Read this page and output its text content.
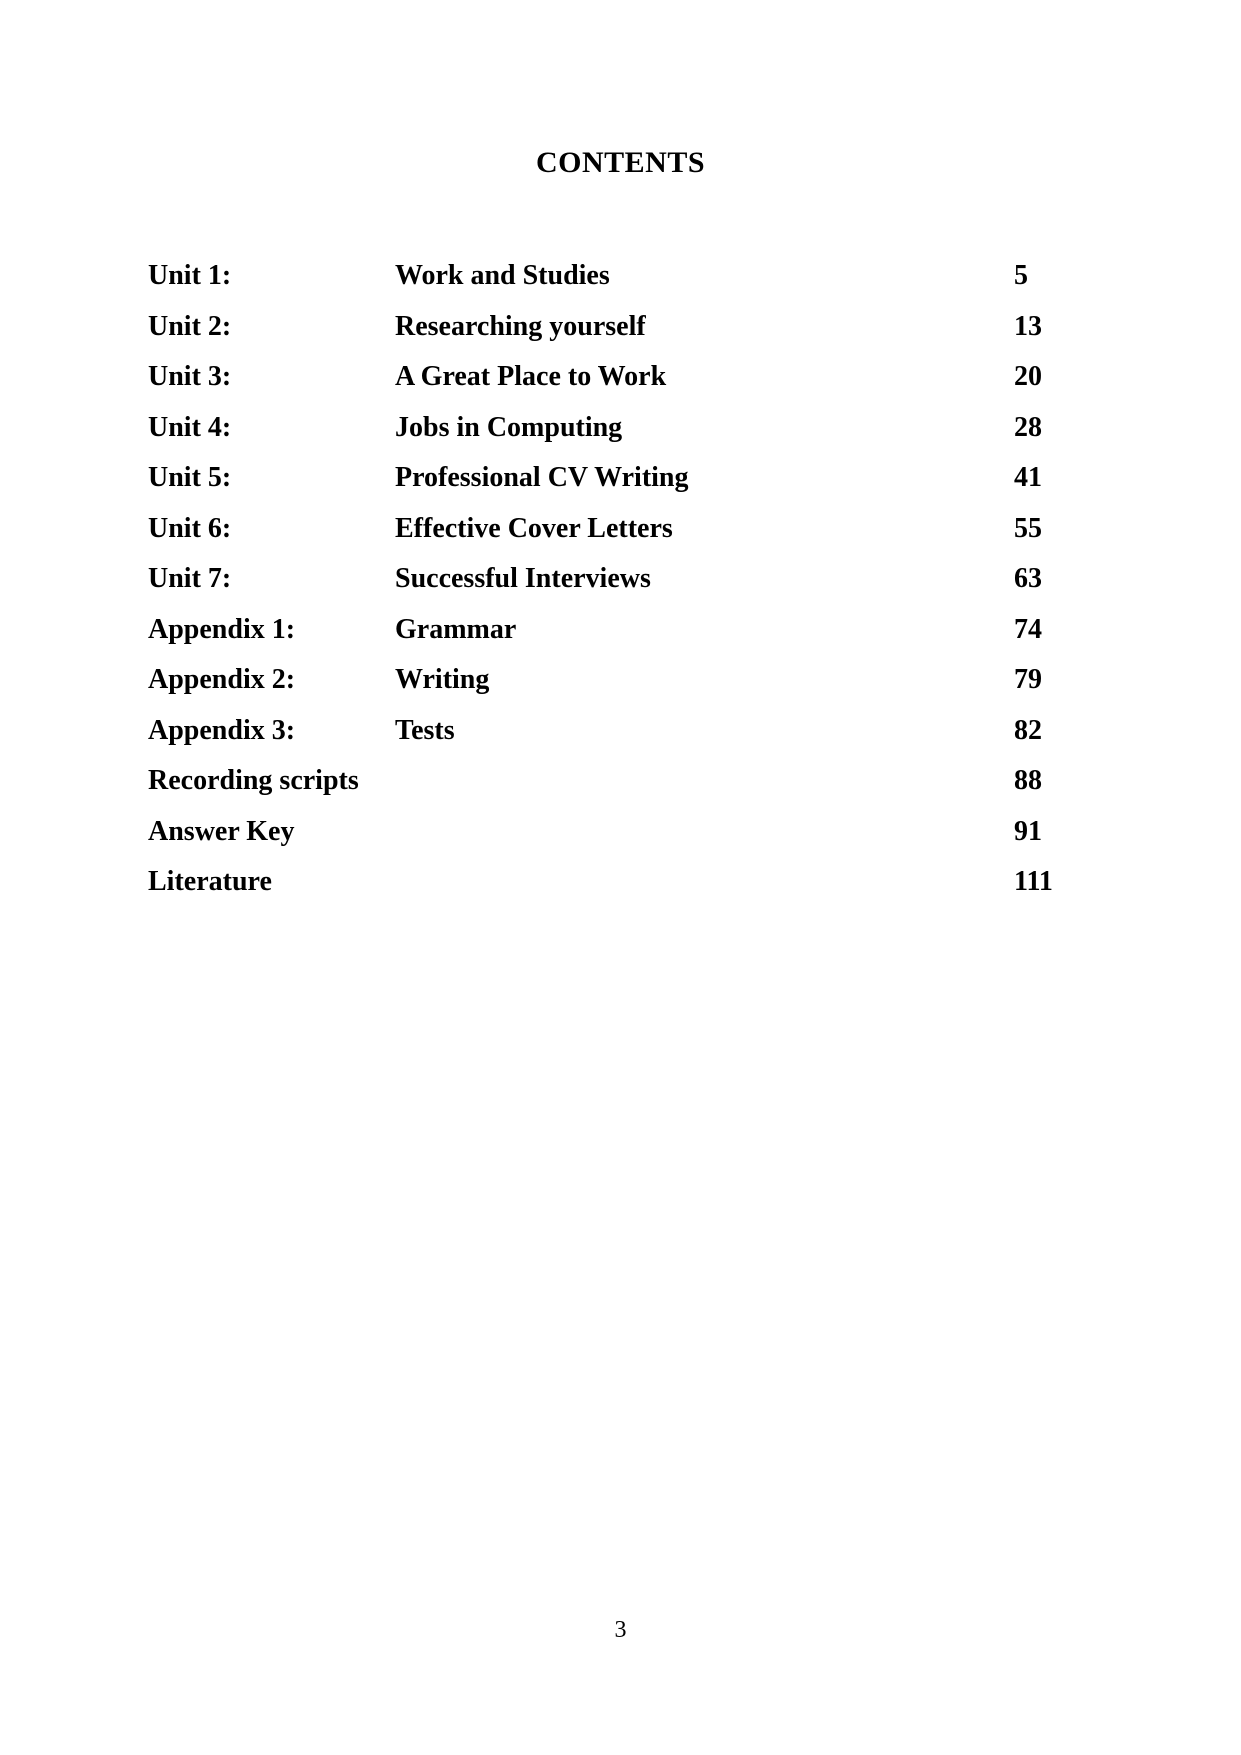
CONTENTS
Unit 1:	Work and Studies	5
Unit 2:	Researching yourself	13
Unit 3:	A Great Place to Work	20
Unit 4:	Jobs in Computing	28
Unit 5:	Professional CV Writing	41
Unit 6:	Effective Cover Letters	55
Unit 7:	Successful Interviews	63
Appendix 1:	Grammar	74
Appendix 2:	Writing	79
Appendix 3:	Tests	82
Recording scripts	88
Answer Key	91
Literature	111
3
